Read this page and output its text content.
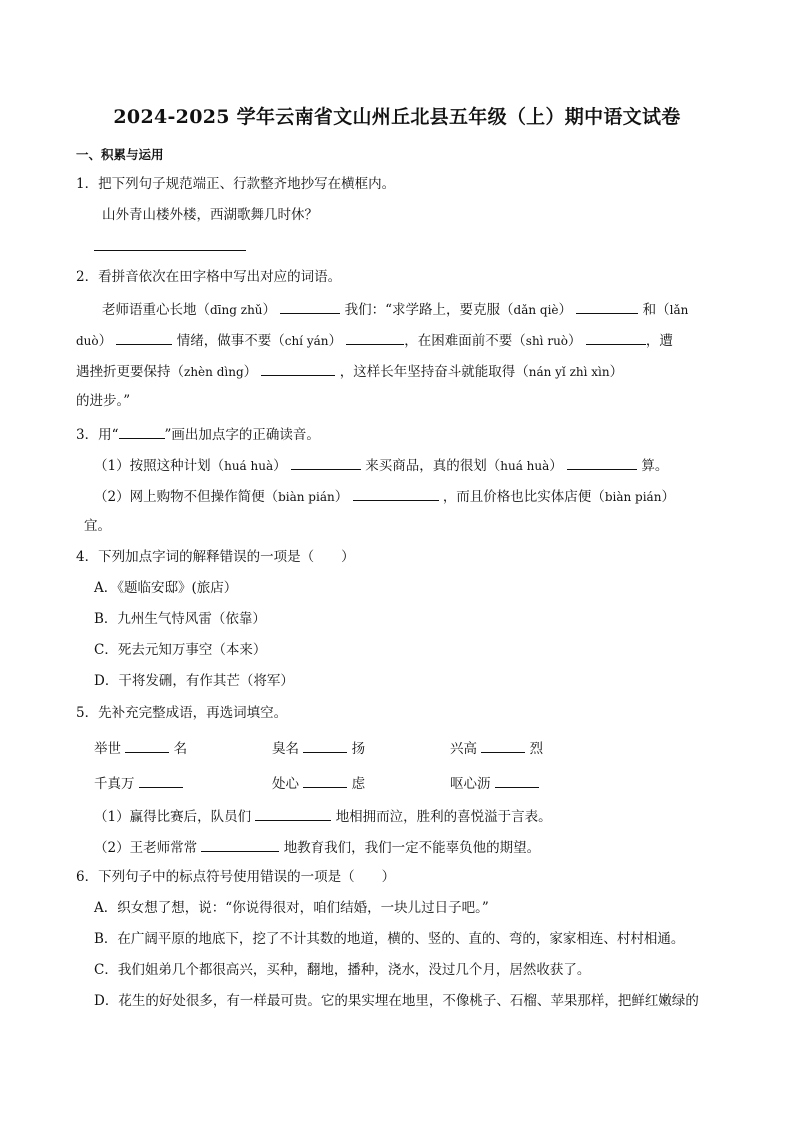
2024-2025 学年云南省文山州丘北县五年级（上）期中语文试卷
一、积累与运用
1．把下列句子规范端正、行款整齐地抄写在横框内。
山外青山楼外楼，西湖歌舞几时休？
2．看拼音依次在田字格中写出对应的词语。
老师语重心长地（dīng zhǔ）	我们：“求学路上，要克服（dǎn qiè）	和（lǎn
duò）	情绪，做事不要（chí yán）	，在困难面前不要（shì ruò）	，遭
遇挫折更要保持（zhèn dìng）	，这样长年坚持奋斗就能取得（nán yǐ zhì xìn）
的进步。”
3．用“	”画出加点字的正确读音。
（1）按照这种计划（huá huà）	来买商品，真的很划（huá huà）	算。
（2）网上购物不但操作简便（biàn pián）	，而且价格也比实体店便（biàn pián）
宜。
4．下列加点字词的解释错误的一项是（　　）
A．《题临安邸》(旅店）
B．九州生气恃风雷（依靠）
C．死去元知万事空（本来）
D．干将发硎，有作其芒（将军）
5．先补充完整成语，再选词填空。
举世	名	臭名	扬	兴高	烈
千真万	处心	虑	呕心沥
（1）赢得比赛后，队员们	地相拥而泣，胜利的喜悦溢于言表。
（2）王老师常常	地教育我们，我们一定不能辜负他的期望。
6．下列句子中的标点符号使用错误的一项是（　　）
A．织女想了想，说：“你说得很对，咱们结婚，一块儿过日子吧。”
B．在广阔平原的地底下，挖了不计其数的地道，横的、竖的、直的、弯的，家家相连、村村相通。
C．我们姐弟几个都很高兴，买种，翻地，播种，浇水，没过几个月，居然收获了。
D．花生的好处很多，有一样最可贵。它的果实埋在地里，不像桃子、石榴、苹果那样，把鲜红嫩绿的
